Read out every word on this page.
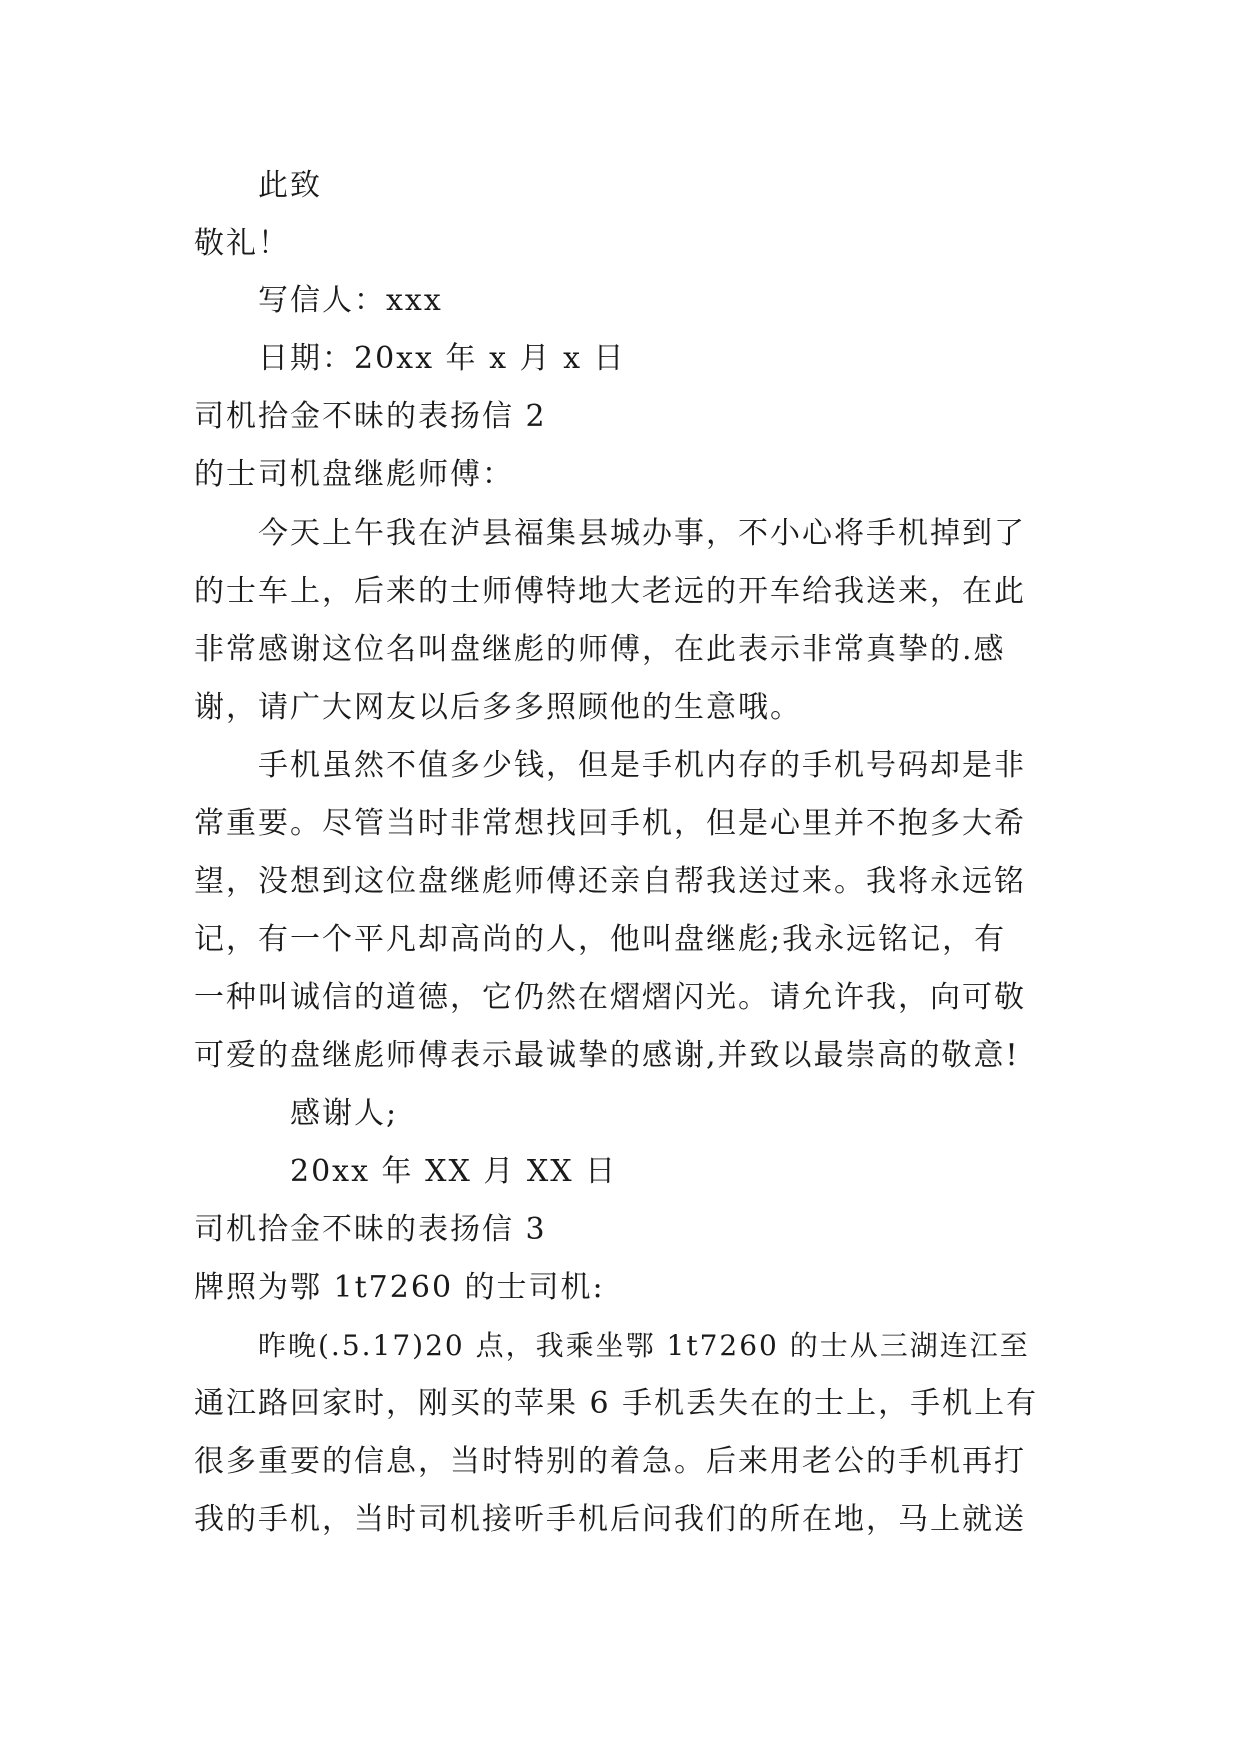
此致
敬礼！
写信人：xxx
日期：20xx 年 x 月 x 日
司机拾金不昧的表扬信 2
的士司机盘继彪师傅：
今天上午我在泸县福集县城办事，不小心将手机掉到了
的士车上，后来的士师傅特地大老远的开车给我送来，在此
非常感谢这位名叫盘继彪的师傅，在此表示非常真挚的.感
谢，请广大网友以后多多照顾他的生意哦。
手机虽然不值多少钱，但是手机内存的手机号码却是非
常重要。尽管当时非常想找回手机，但是心里并不抱多大希
望，没想到这位盘继彪师傅还亲自帮我送过来。我将永远铭
记，有一个平凡却高尚的人，他叫盘继彪;我永远铭记，有
一种叫诚信的道德，它仍然在熠熠闪光。请允许我，向可敬
可爱的盘继彪师傅表示最诚挚的感谢,并致以最崇高的敬意!
感谢人;
20xx 年 XX 月 XX 日
司机拾金不昧的表扬信 3
牌照为鄂 1t7260 的士司机:
昨晚(.5.17)20 点，我乘坐鄂 1t7260 的士从三湖连江至
通江路回家时，刚买的苹果 6 手机丢失在的士上，手机上有
很多重要的信息，当时特别的着急。后来用老公的手机再打
我的手机，当时司机接听手机后问我们的所在地，马上就送
